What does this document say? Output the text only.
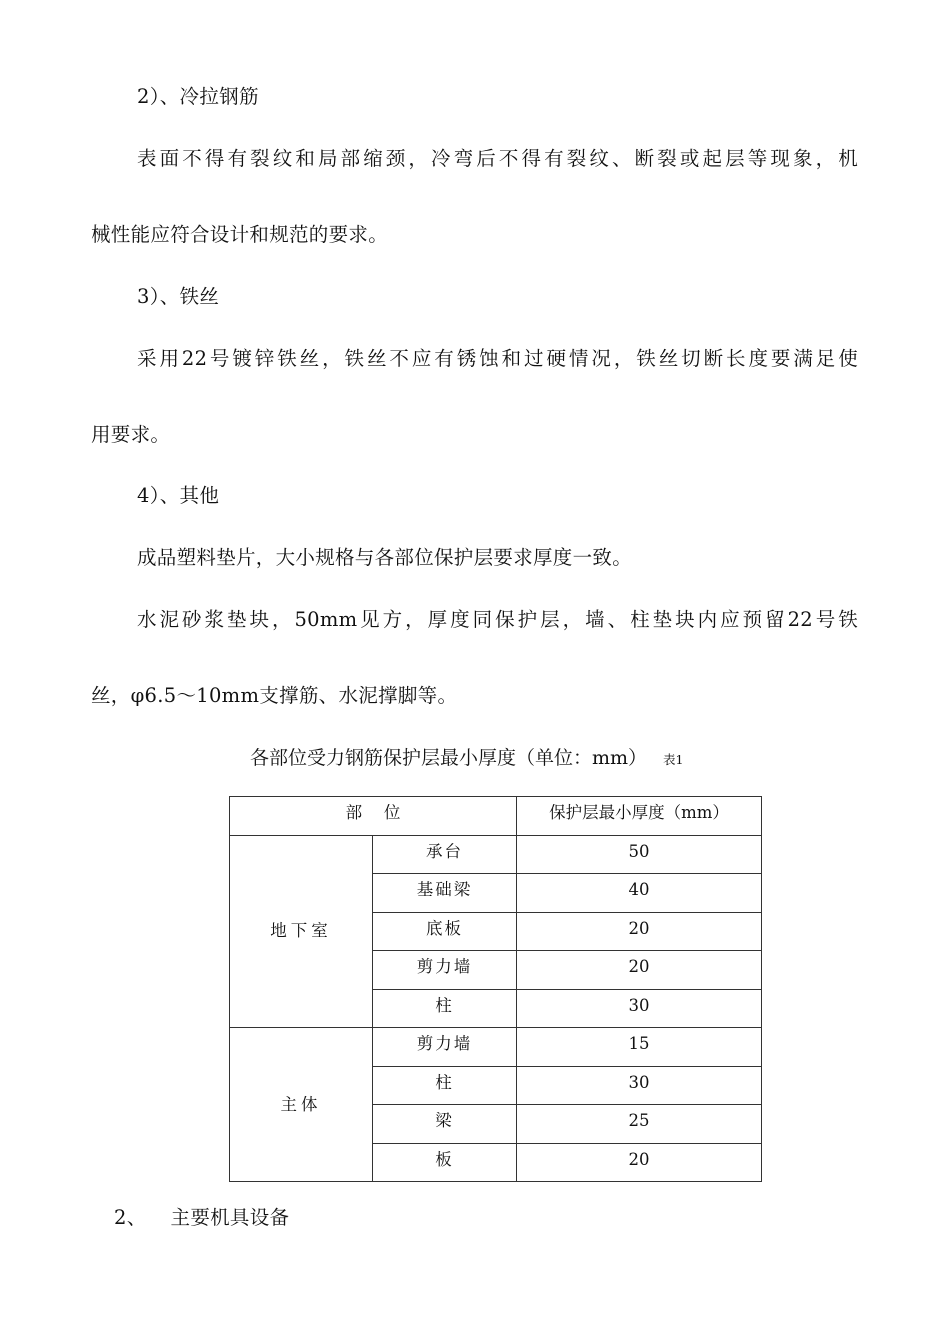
2）、冷拉钢筋
表面不得有裂纹和局部缩颈，冷弯后不得有裂纹、断裂或起层等现象，机
械性能应符合设计和规范的要求。
3）、铁丝
采用22号镀锌铁丝，铁丝不应有锈蚀和过硬情况，铁丝切断长度要满足使
用要求。
4）、其他
成品塑料垫片，大小规格与各部位保护层要求厚度一致。
水泥砂浆垫块，50mm见方，厚度同保护层，墙、柱垫块内应预留22号铁
丝，φ6.5～10mm支撑筋、水泥撑脚等。
各部位受力钢筋保护层最小厚度（单位：mm） 表1
部　 位		保护层最小厚度（mm）
地下室	承台	50
	基础梁	40
	底板	20
	剪力墙	20
	柱	30
主体	剪力墙	15
	柱	30
	梁	25
	板	20
2、 主要机具设备
